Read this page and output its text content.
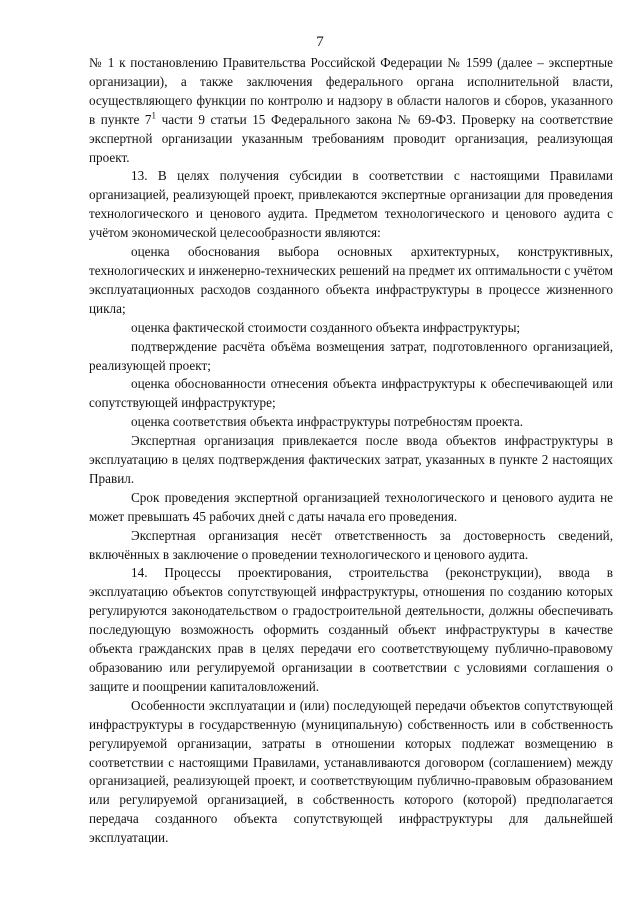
7

№ 1 к постановлению Правительства Российской Федерации № 1599 (далее – экспертные организации), а также заключения федерального органа исполнительной власти, осуществляющего функции по контролю и надзору в области налогов и сборов, указанного в пункте $7^1$ части 9 статьи 15 Федерального закона № 69-ФЗ. Проверку на соответствие экспертной организации указанным требованиям проводит организация, реализующая проект.

13. В целях получения субсидии в соответствии с настоящими Правилами организацией, реализующей проект, привлекаются экспертные организации для проведения технологического и ценового аудита. Предметом технологического и ценового аудита с учётом экономической целесообразности являются:

оценка обоснования выбора основных архитектурных, конструктивных, технологических и инженерно-технических решений на предмет их оптимальности с учётом эксплуатационных расходов созданного объекта инфраструктуры в процессе жизненного цикла;

оценка фактической стоимости созданного объекта инфраструктуры;

подтверждение расчёта объёма возмещения затрат, подготовленного организацией, реализующей проект;

оценка обоснованности отнесения объекта инфраструктуры к обеспечивающей или сопутствующей инфраструктуре;

оценка соответствия объекта инфраструктуры потребностям проекта.

Экспертная организация привлекается после ввода объектов инфраструктуры в эксплуатацию в целях подтверждения фактических затрат, указанных в пункте 2 настоящих Правил.

Срок проведения экспертной организацией технологического и ценового аудита не может превышать 45 рабочих дней с даты начала его проведения.

Экспертная организация несёт ответственность за достоверность сведений, включённых в заключение о проведении технологического и ценового аудита.

14. Процессы проектирования, строительства (реконструкции), ввода в эксплуатацию объектов сопутствующей инфраструктуры, отношения по созданию которых регулируются законодательством о градостроительной деятельности, должны обеспечивать последующую возможность оформить созданный объект инфраструктуры в качестве объекта гражданских прав в целях передачи его соответствующему публично-правовому образованию или регулируемой организации в соответствии с условиями соглашения о защите и поощрении капиталовложений.

Особенности эксплуатации и (или) последующей передачи объектов сопутствующей инфраструктуры в государственную (муниципальную) собственность или в собственность регулируемой организации, затраты в отношении которых подлежат возмещению в соответствии с настоящими Правилами, устанавливаются договором (соглашением) между организацией, реализующей проект, и соответствующим публично-правовым образованием или регулируемой организацией, в собственность которого (которой) предполагается передача созданного объекта сопутствующей инфраструктуры для дальнейшей эксплуатации.
